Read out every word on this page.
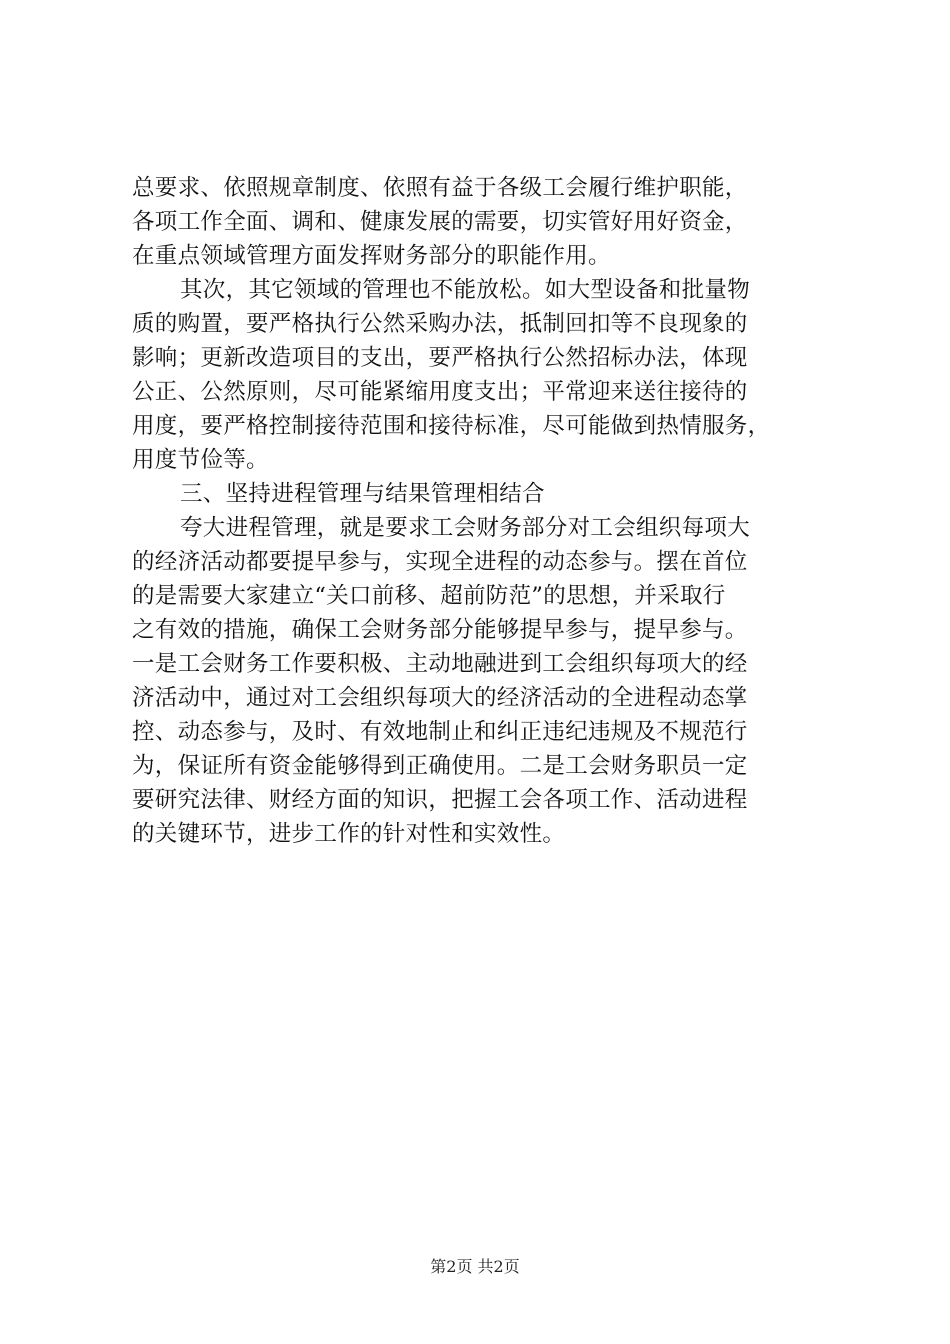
总要求、依照规章制度、依照有益于各级工会履行维护职能，
各项工作全面、调和、健康发展的需要，切实管好用好资金，
在重点领域管理方面发挥财务部分的职能作用。
其次，其它领域的管理也不能放松。如大型设备和批量物
质的购置，要严格执行公然采购办法，抵制回扣等不良现象的
影响；更新改造项目的支出，要严格执行公然招标办法，体现
公正、公然原则，尽可能紧缩用度支出；平常迎来送往接待的
用度，要严格控制接待范围和接待标准，尽可能做到热情服务，
用度节俭等。
三、坚持进程管理与结果管理相结合
夸大进程管理，就是要求工会财务部分对工会组织每项大
的经济活动都要提早参与，实现全进程的动态参与。摆在首位
的是需要大家建立“关口前移、超前防范”的思想，并采取行
之有效的措施，确保工会财务部分能够提早参与，提早参与。
一是工会财务工作要积极、主动地融进到工会组织每项大的经
济活动中，通过对工会组织每项大的经济活动的全进程动态掌
控、动态参与，及时、有效地制止和纠正违纪违规及不规范行
为，保证所有资金能够得到正确使用。二是工会财务职员一定
要研究法律、财经方面的知识，把握工会各项工作、活动进程
的关键环节，进步工作的针对性和实效性。
第2页 共2页
